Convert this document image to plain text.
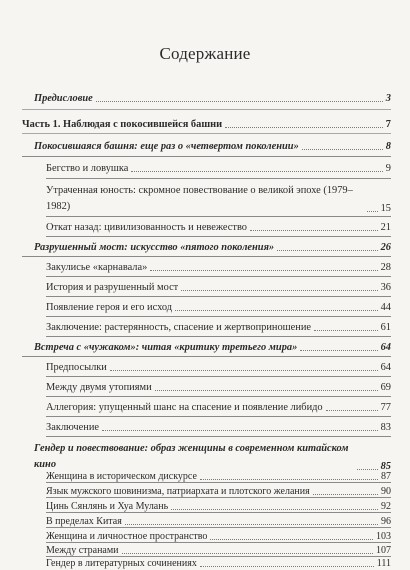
Содержание
Предисловие	3
Часть 1. Наблюдая с покосившейся башни	7
Покосившаяся башня: еще раз о «четвертом поколении»	8
Бегство и ловушка	9
Утраченная юность: скромное повествование о великой эпохе (1979–1982)	15
Откат назад: цивилизованность и невежество	21
Разрушенный мост: искусство «пятого поколения»	26
Закулисье «карнавала»	28
История и разрушенный мост	36
Появление героя и его исход	44
Заключение: растерянность, спасение и жертвоприношение	61
Встреча с «чужаком»: читая «критику третьего мира»	64
Предпосылки	64
Между двумя утопиями	69
Аллегория: упущенный шанс на спасение и появление либидо	77
Заключение	83
Гендер и повествование: образ женщины в современном китайском кино	85
Женщина в историческом дискурсе	87
Язык мужского шовинизма, патриархата и плотского желания	90
Цинь Сянлянь и Хуа Мулань	92
В пределах Китая	96
Женщина и личностное пространство	103
Между странами	107
Гендер в литературных сочинениях	111
